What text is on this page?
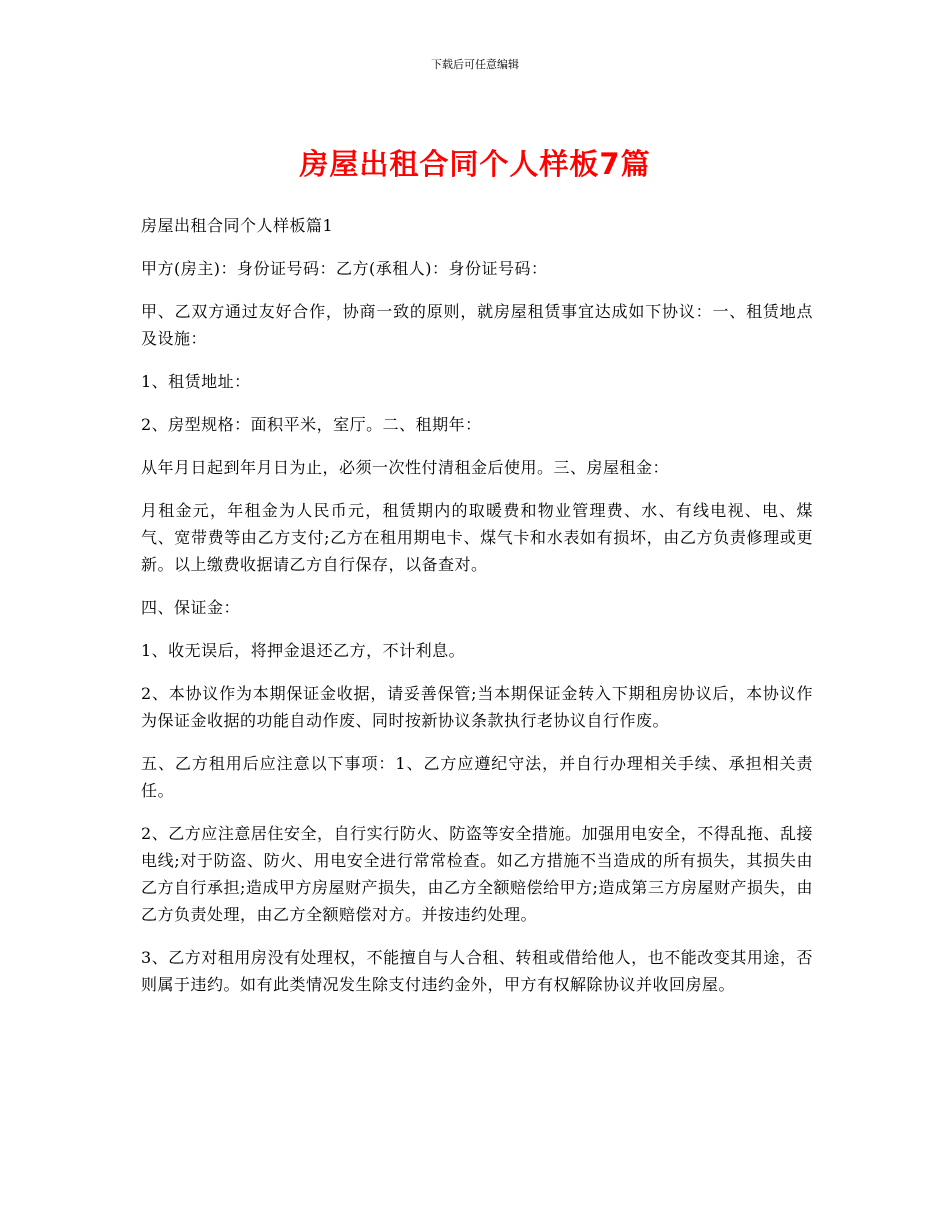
下载后可任意编辑
房屋出租合同个人样板7篇

房屋出租合同个人样板篇1

甲方(房主)：身份证号码：乙方(承租人)：身份证号码：

甲、乙双方通过友好合作，协商一致的原则，就房屋租赁事宜达成如下协议：一、租赁地点及设施：

1、租赁地址：

2、房型规格：面积平米，室厅。二、租期年：

从年月日起到年月日为止，必须一次性付清租金后使用。三、房屋租金：

月租金元，年租金为人民币元，租赁期内的取暖费和物业管理费、水、有线电视、电、煤气、宽带费等由乙方支付;乙方在租用期电卡、煤气卡和水表如有损坏，由乙方负责修理或更新。以上缴费收据请乙方自行保存，以备查对。

四、保证金：

1、收无误后，将押金退还乙方，不计利息。

2、本协议作为本期保证金收据，请妥善保管;当本期保证金转入下期租房协议后，本协议作为保证金收据的功能自动作废、同时按新协议条款执行老协议自行作废。

五、乙方租用后应注意以下事项：1、乙方应遵纪守法，并自行办理相关手续、承担相关责任。

2、乙方应注意居住安全，自行实行防火、防盗等安全措施。加强用电安全，不得乱拖、乱接电线;对于防盗、防火、用电安全进行常常检查。如乙方措施不当造成的所有损失，其损失由乙方自行承担;造成甲方房屋财产损失，由乙方全额赔偿给甲方;造成第三方房屋财产损失，由乙方负责处理，由乙方全额赔偿对方。并按违约处理。

3、乙方对租用房没有处理权，不能擅自与人合租、转租或借给他人，也不能改变其用途，否则属于违约。如有此类情况发生除支付违约金外，甲方有权解除协议并收回房屋。
